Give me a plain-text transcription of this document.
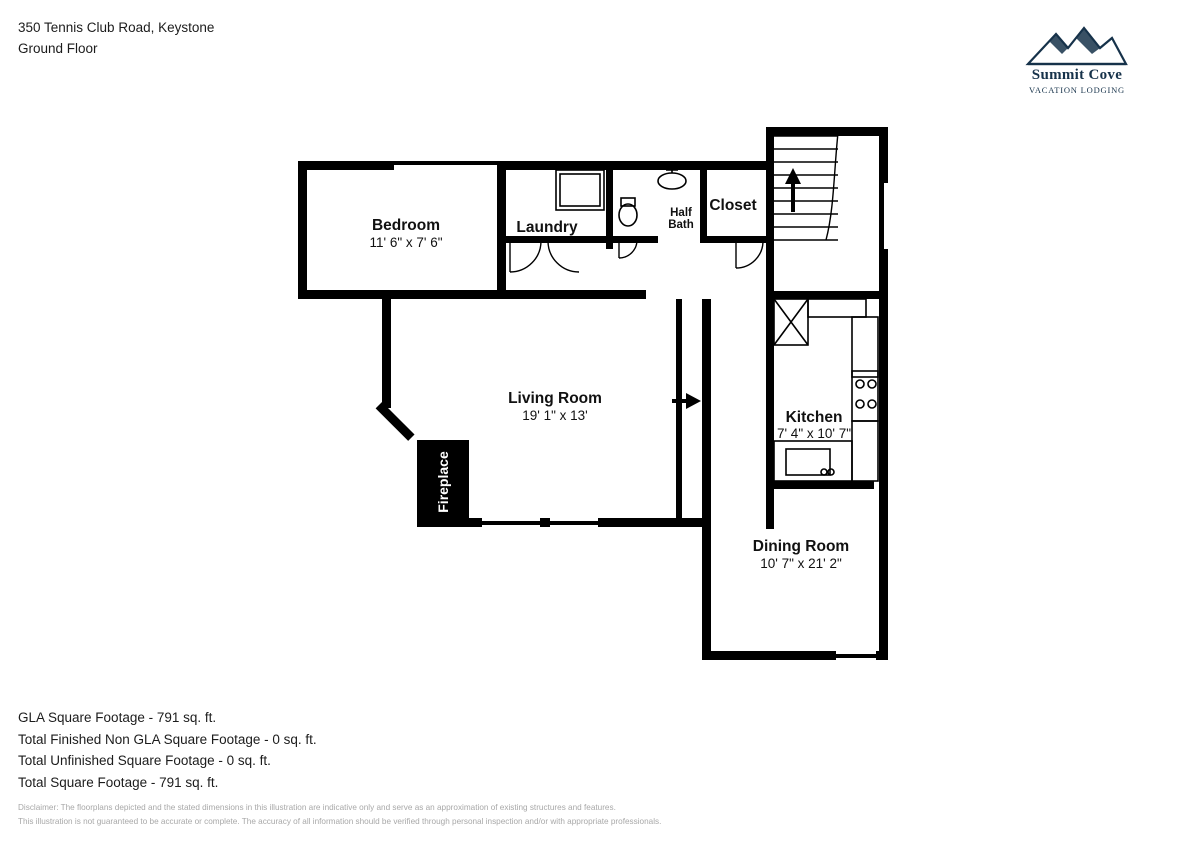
350 Tennis Club Road, Keystone
Ground Floor
Summit Cove
VACATION LODGING
Fireplace
Bedroom
11' 6" x 7' 6"
Laundry
Half
Bath
Closet
Living Room
19' 1" x 13'	Kitchen
7' 4" x 10' 7"
Dining Room
10' 7" x 21' 2"
GLA Square Footage - 791 sq. ft.
Total Finished Non GLA Square Footage - 0 sq. ft.
Total Unfinished Square Footage - 0 sq. ft.
Total Square Footage - 791 sq. ft.
Disclaimer: The floorplans depicted and the stated dimensions in this illustration are indicative only and serve as an approximation of existing structures and features.
This illustration is not guaranteed to be accurate or complete. The accuracy of all information should be verified through personal inspection and/or with appropriate professionals.
